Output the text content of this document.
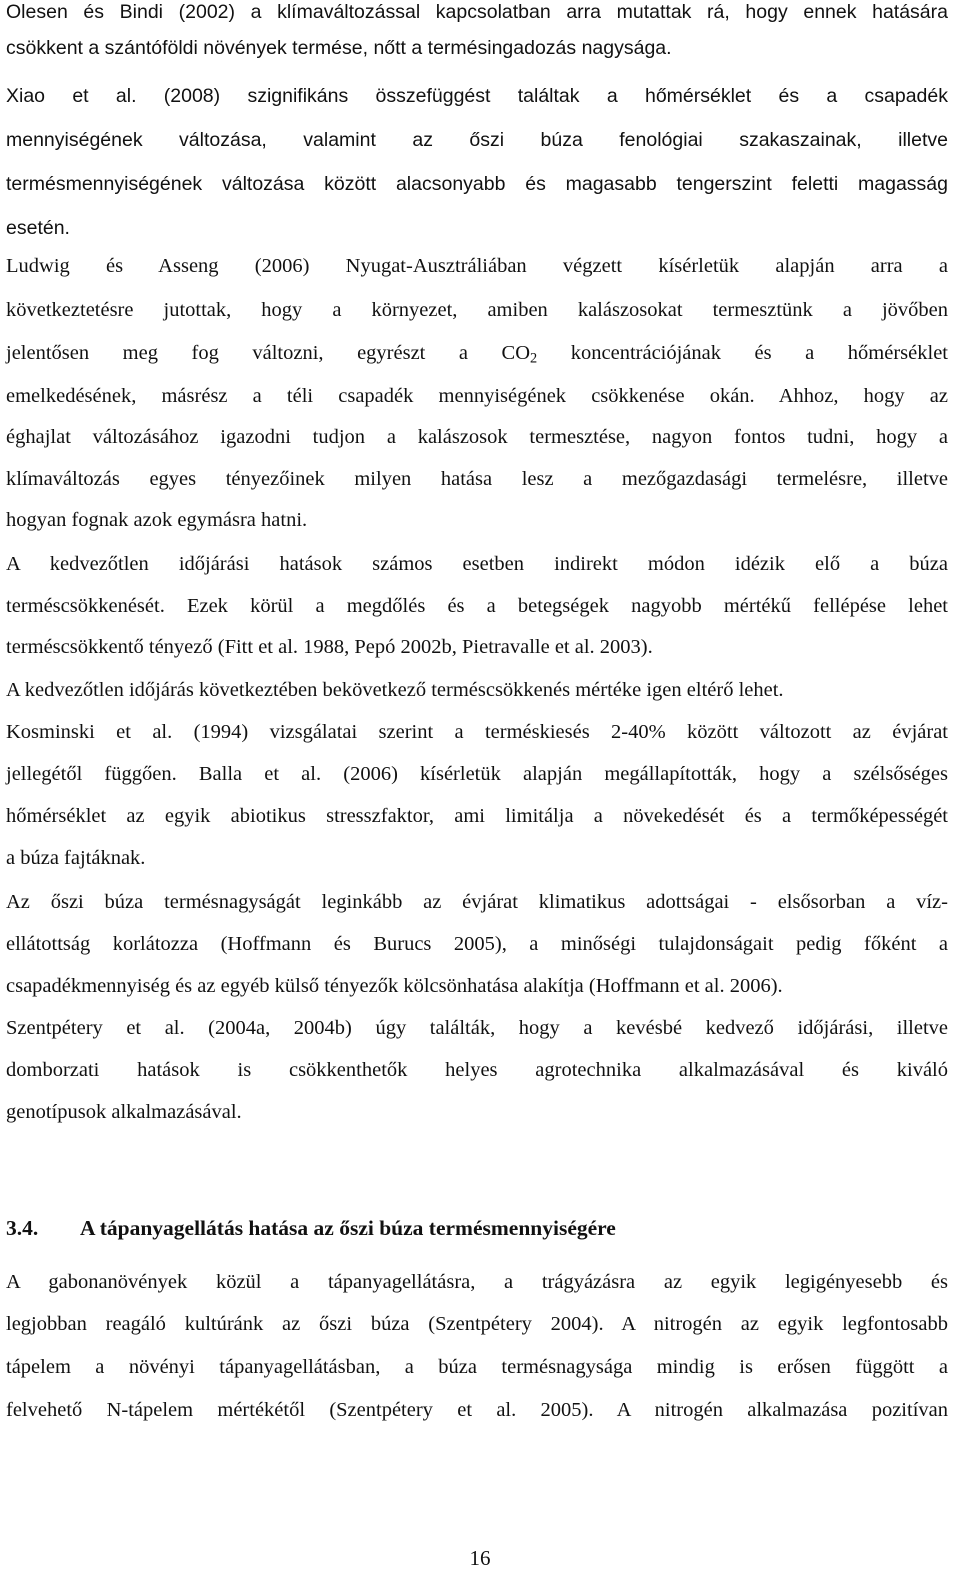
Olesen és Bindi (2002) a klímaváltozással kapcsolatban arra mutattak rá, hogy ennek hatására
csökkent a szántóföldi növények termése, nőtt a termésingadozás nagysága.
Xiao et al. (2008) szignifikáns összefüggést találtak a hőmérséklet és a csapadék
mennyiségének változása, valamint az őszi búza fenológiai szakaszainak, illetve
termésmennyiségének változása között alacsonyabb és magasabb tengerszint feletti magasság
esetén.
Ludwig és Asseng (2006) Nyugat-Ausztráliában végzett kísérletük alapján arra a
következtetésre jutottak, hogy a környezet, amiben kalászosokat termesztünk a jövőben
jelentősen meg fog változni, egyrészt a $CO_2$ koncentrációjának és a hőmérséklet
emelkedésének, másrész a téli csapadék mennyiségének csökkenése okán. Ahhoz, hogy az
éghajlat változásához igazodni tudjon a kalászosok termesztése, nagyon fontos tudni, hogy a
klímaváltozás egyes tényezőinek milyen hatása lesz a mezőgazdasági termelésre, illetve
hogyan fognak azok egymásra hatni.
A kedvezőtlen időjárási hatások számos esetben indirekt módon idézik elő a búza
terméscsökkenését. Ezek körül a megdőlés és a betegségek nagyobb mértékű fellépése lehet
terméscsökkentő tényező (Fitt et al. 1988, Pepó 2002b, Pietravalle et al. 2003).
A kedvezőtlen időjárás következtében bekövetkező terméscsökkenés mértéke igen eltérő lehet.
Kosminski et al. (1994) vizsgálatai szerint a terméskiesés 2-40% között változott az évjárat
jellegétől függően. Balla et al. (2006) kísérletük alapján megállapították, hogy a szélsőséges
hőmérséklet az egyik abiotikus stresszfaktor, ami limitálja a növekedését és a termőképességét
a búza fajtáknak.
Az őszi búza termésnagyságát leginkább az évjárat klimatikus adottságai - elsősorban a víz-
ellátottság korlátozza (Hoffmann és Burucs 2005), a minőségi tulajdonságait pedig főként a
csapadékmennyiség és az egyéb külső tényezők kölcsönhatása alakítja (Hoffmann et al. 2006).
Szentpétery et al. (2004a, 2004b) úgy találták, hogy a kevésbé kedvező időjárási, illetve
domborzati hatások is csökkenthetők helyes agrotechnika alkalmazásával és kiváló
genotípusok alkalmazásával.
3.4. A tápanyagellátás hatása az őszi búza termésmennyiségére
A gabonanövények közül a tápanyagellátásra, a trágyázásra az egyik legigényesebb és
legjobban reagáló kultúránk az őszi búza (Szentpétery 2004). A nitrogén az egyik legfontosabb
tápelem a növényi tápanyagellátásban, a búza termésnagysága mindig is erősen függött a
felvehető N-tápelem mértékétől (Szentpétery et al. 2005). A nitrogén alkalmazása pozitívan
16
